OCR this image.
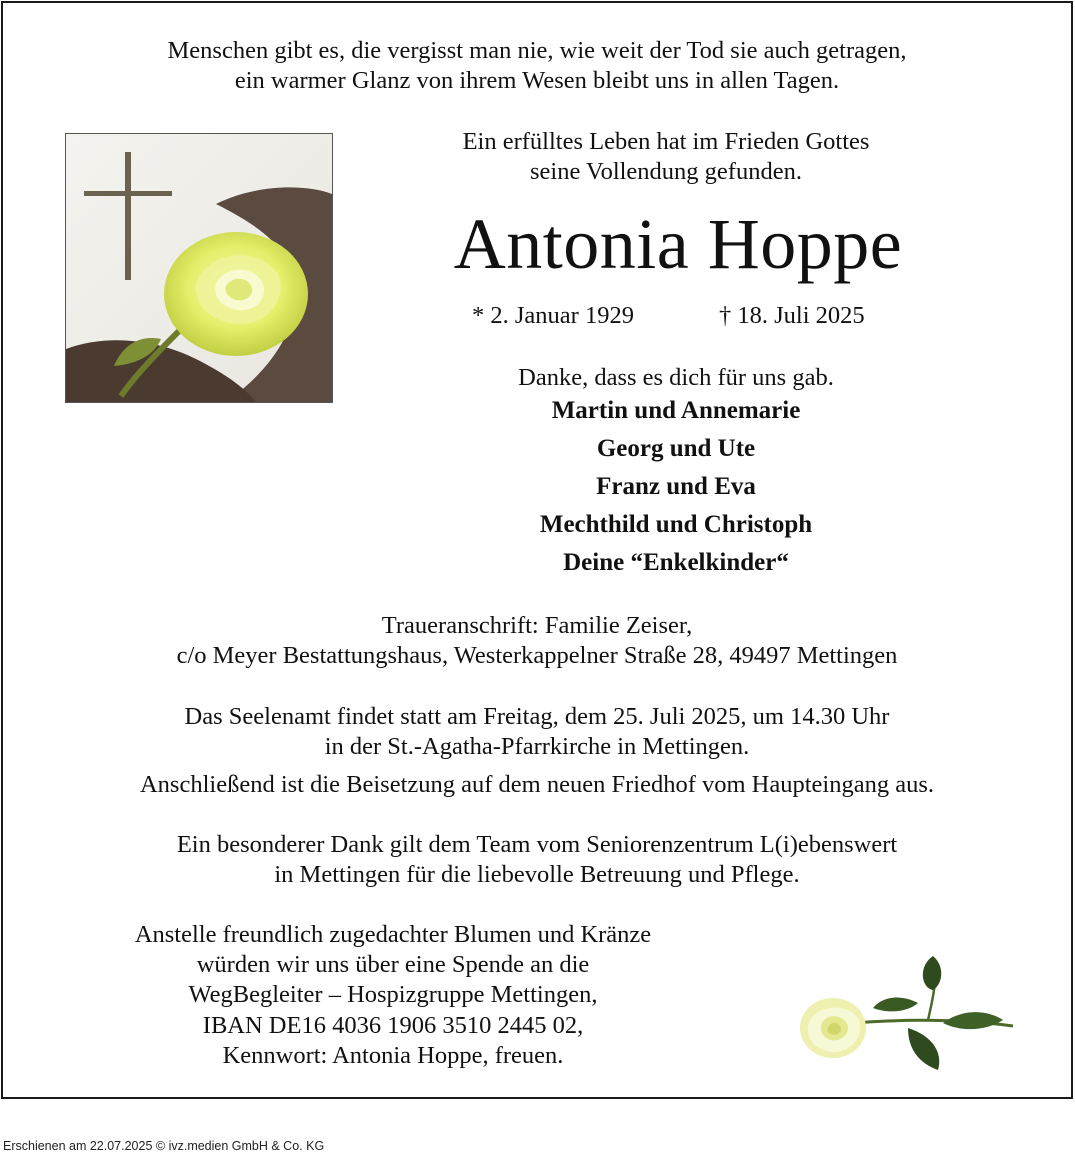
Menschen gibt es, die vergisst man nie, wie weit der Tod sie auch getragen,
ein warmer Glanz von ihrem Wesen bleibt uns in allen Tagen.
Ein erfülltes Leben hat im Frieden Gottes
seine Vollendung gefunden.
Antonia Hoppe
* 2. Januar 1929	† 18. Juli 2025
Danke, dass es dich für uns gab.
Martin und Annemarie
Georg und Ute
Franz und Eva
Mechthild und Christoph
Deine “Enkelkinder“
Traueranschrift: Familie Zeiser,
c/o Meyer Bestattungshaus, Westerkappelner Straße 28, 49497 Mettingen
Das Seelenamt findet statt am Freitag, dem 25. Juli 2025, um 14.30 Uhr
in der St.-Agatha-Pfarrkirche in Mettingen.
Anschließend ist die Beisetzung auf dem neuen Friedhof vom Haupteingang aus.
Ein besonderer Dank gilt dem Team vom Seniorenzentrum L(i)ebenswert
in Mettingen für die liebevolle Betreuung und Pflege.
Anstelle freundlich zugedachter Blumen und Kränze
würden wir uns über eine Spende an die
WegBegleiter – Hospizgruppe Mettingen,
IBAN DE16 4036 1906 3510 2445 02,
Kennwort: Antonia Hoppe, freuen.
Erschienen am 22.07.2025 © ivz.medien GmbH & Co. KG
